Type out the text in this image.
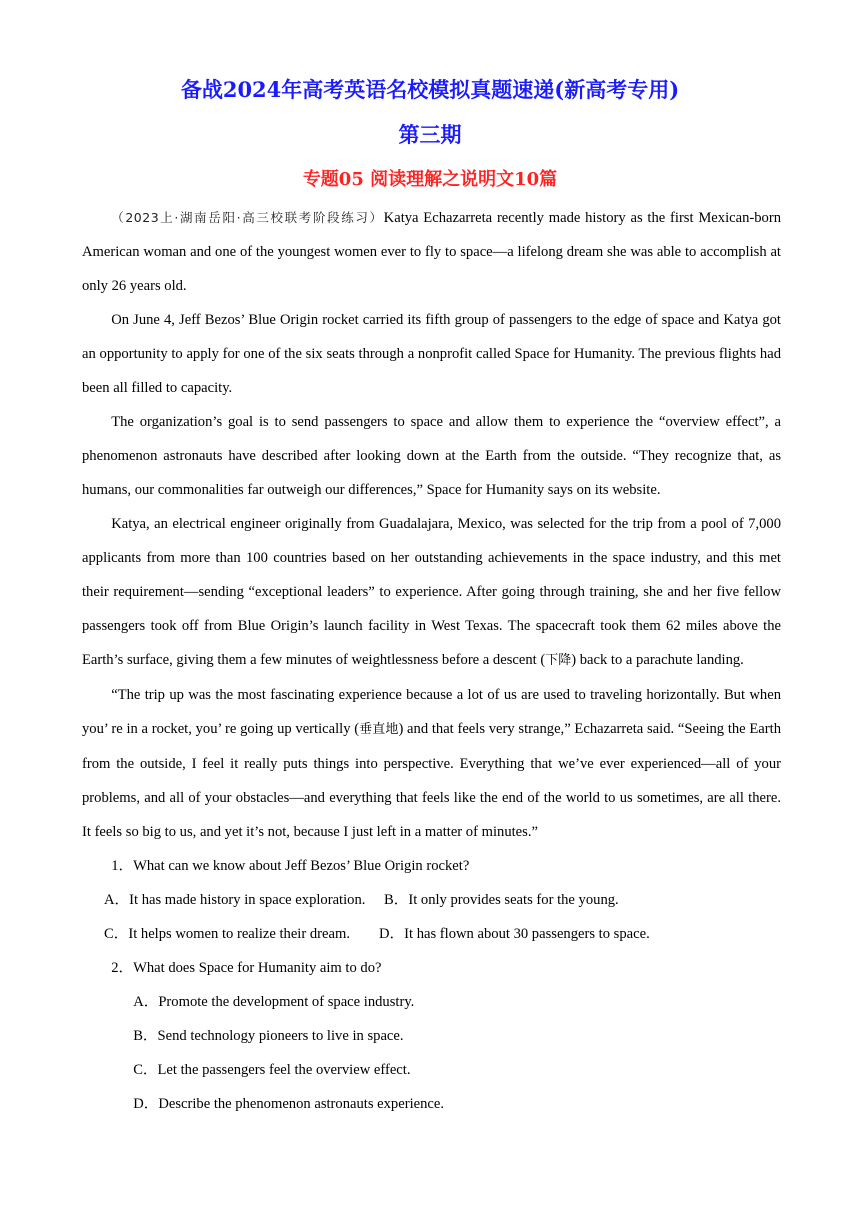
备战2024年高考英语名校模拟真题速递(新高考专用)
第三期
专题05 阅读理解之说明文10篇

（2023上·湖南岳阳·高三校联考阶段练习）Katya Echazarreta recently made history as the first Mexican-born American woman and one of the youngest women ever to fly to space—a lifelong dream she was able to accomplish at only 26 years old.

On June 4, Jeff Bezos’ Blue Origin rocket carried its fifth group of passengers to the edge of space and Katya got an opportunity to apply for one of the six seats through a nonprofit called Space for Humanity. The previous flights had been all filled to capacity.

The organization’s goal is to send passengers to space and allow them to experience the “overview effect”, a phenomenon astronauts have described after looking down at the Earth from the outside. “They recognize that, as humans, our commonalities far outweigh our differences,” Space for Humanity says on its website.

Katya, an electrical engineer originally from Guadalajara, Mexico, was selected for the trip from a pool of 7,000 applicants from more than 100 countries based on her outstanding achievements in the space industry, and this met their requirement—sending “exceptional leaders” to experience. After going through training, she and her five fellow passengers took off from Blue Origin’s launch facility in West Texas. The spacecraft took them 62 miles above the Earth’s surface, giving them a few minutes of weightlessness before a descent (下降) back to a parachute landing.

“The trip up was the most fascinating experience because a lot of us are used to traveling horizontally. But when you’ re in a rocket, you’ re going up vertically (垂直地) and that feels very strange,” Echazarreta said. “Seeing the Earth from the outside, I feel it really puts things into perspective. Everything that we’ve ever experienced—all of your problems, and all of your obstacles—and everything that feels like the end of the world to us sometimes, are all there. It feels so big to us, and yet it’s not, because I just left in a matter of minutes.”

1．What can we know about Jeff Bezos’ Blue Origin rocket?

A．It has made history in space exploration.	B．It only provides seats for the young.
C．It helps women to realize their dream.	D．It has flown about 30 passengers to space.

2．What does Space for Humanity aim to do?

A．Promote the development of space industry.

B．Send technology pioneers to live in space.

C．Let the passengers feel the overview effect.

D．Describe the phenomenon astronauts experience.
